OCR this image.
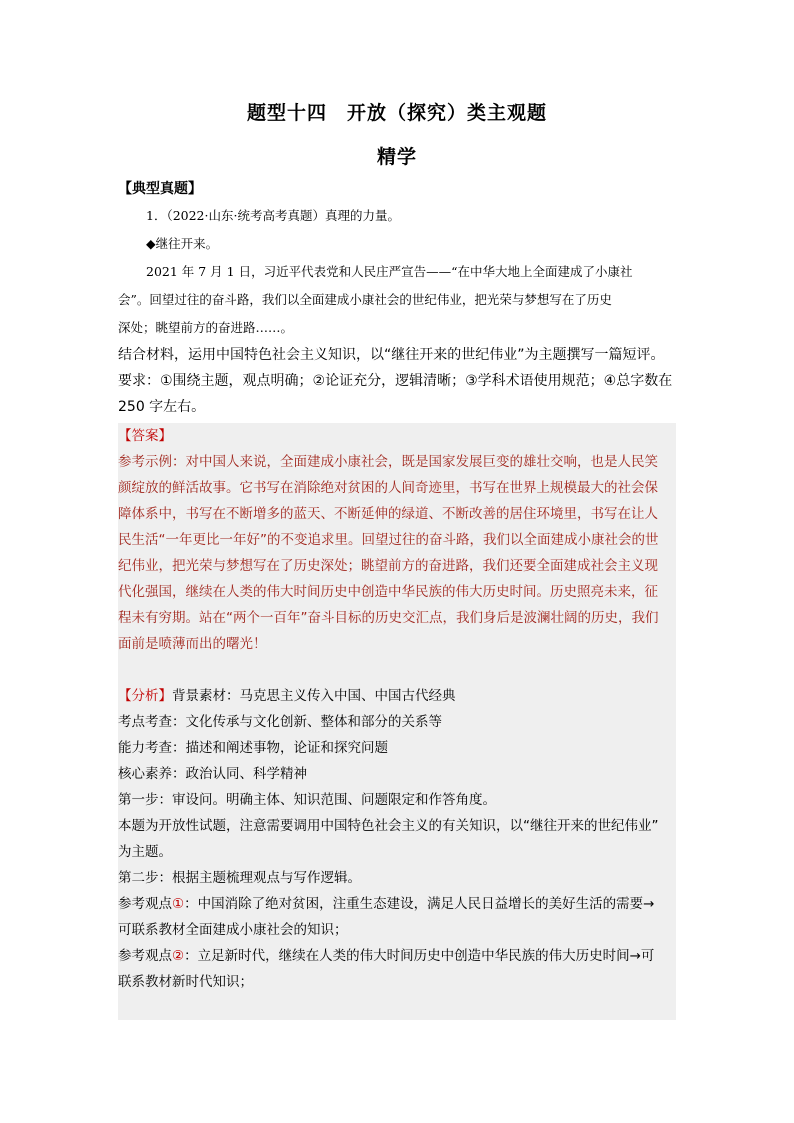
题型十四　开放（探究）类主观题
精学
【典型真题】
1．（2022·山东·统考高考真题）真理的力量。
◆继往开来。
2021 年 7 月 1 日，习近平代表党和人民庄严宣告——“在中华大地上全面建成了小康社
会”。回望过往的奋斗路，我们以全面建成小康社会的世纪伟业，把光荣与梦想写在了历史
深处；眺望前方的奋进路……。
结合材料，运用中国特色社会主义知识，以“继往开来的世纪伟业”为主题撰写一篇短评。
要求：①围绕主题，观点明确；②论证充分，逻辑清晰；③学科术语使用规范；④总字数在
250 字左右。
【答案】
参考示例：对中国人来说，全面建成小康社会，既是国家发展巨变的雄壮交响，也是人民笑
颜绽放的鲜活故事。它书写在消除绝对贫困的人间奇迹里，书写在世界上规模最大的社会保
障体系中，书写在不断增多的蓝天、不断延伸的绿道、不断改善的居住环境里，书写在让人
民生活“一年更比一年好”的不变追求里。回望过往的奋斗路，我们以全面建成小康社会的世
纪伟业，把光荣与梦想写在了历史深处；眺望前方的奋进路，我们还要全面建成社会主义现
代化强国，继续在人类的伟大时间历史中创造中华民族的伟大历史时间。历史照亮未来，征
程未有穷期。站在“两个一百年”奋斗目标的历史交汇点，我们身后是波澜壮阔的历史，我们
面前是喷薄而出的曙光！
【分析】背景素材：马克思主义传入中国、中国古代经典
考点考查：文化传承与文化创新、整体和部分的关系等
能力考查：描述和阐述事物，论证和探究问题
核心素养：政治认同、科学精神
第一步：审设问。明确主体、知识范围、问题限定和作答角度。
本题为开放性试题，注意需要调用中国特色社会主义的有关知识，以“继往开来的世纪伟业”
为主题。
第二步：根据主题梳理观点与写作逻辑。
参考观点①：中国消除了绝对贫困，注重生态建设，满足人民日益增长的美好生活的需要→
可联系教材全面建成小康社会的知识；
参考观点②：立足新时代，继续在人类的伟大时间历史中创造中华民族的伟大历史时间→可
联系教材新时代知识；
